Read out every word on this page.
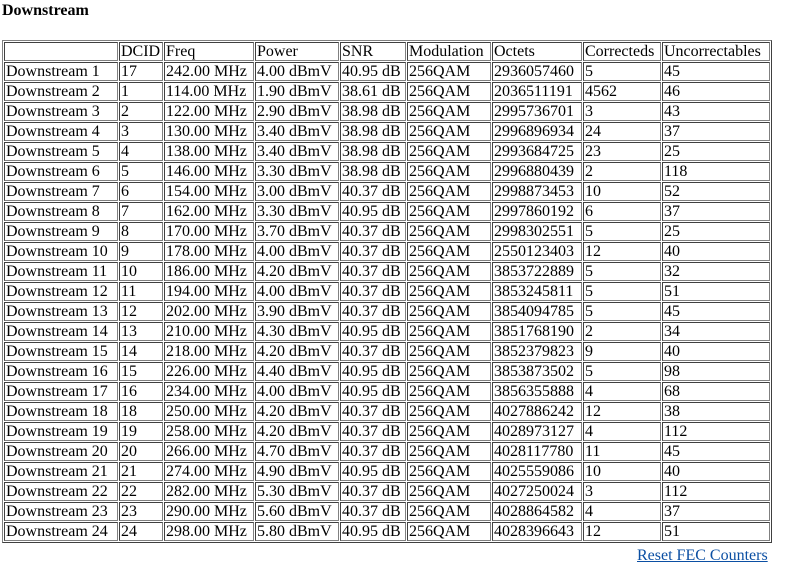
Downstream
	DCID	Freq	Power	SNR	Modulation	Octets	Correcteds	Uncorrectables
Downstream 1	17	242.00 MHz	4.00 dBmV	40.95 dB	256QAM	2936057460	5	45
Downstream 2	1	114.00 MHz	1.90 dBmV	38.61 dB	256QAM	2036511191	4562	46
Downstream 3	2	122.00 MHz	2.90 dBmV	38.98 dB	256QAM	2995736701	3	43
Downstream 4	3	130.00 MHz	3.40 dBmV	38.98 dB	256QAM	2996896934	24	37
Downstream 5	4	138.00 MHz	3.40 dBmV	38.98 dB	256QAM	2993684725	23	25
Downstream 6	5	146.00 MHz	3.30 dBmV	38.98 dB	256QAM	2996880439	2	118
Downstream 7	6	154.00 MHz	3.00 dBmV	40.37 dB	256QAM	2998873453	10	52
Downstream 8	7	162.00 MHz	3.30 dBmV	40.95 dB	256QAM	2997860192	6	37
Downstream 9	8	170.00 MHz	3.70 dBmV	40.37 dB	256QAM	2998302551	5	25
Downstream 10	9	178.00 MHz	4.00 dBmV	40.37 dB	256QAM	2550123403	12	40
Downstream 11	10	186.00 MHz	4.20 dBmV	40.37 dB	256QAM	3853722889	5	32
Downstream 12	11	194.00 MHz	4.00 dBmV	40.37 dB	256QAM	3853245811	5	51
Downstream 13	12	202.00 MHz	3.90 dBmV	40.37 dB	256QAM	3854094785	5	45
Downstream 14	13	210.00 MHz	4.30 dBmV	40.95 dB	256QAM	3851768190	2	34
Downstream 15	14	218.00 MHz	4.20 dBmV	40.37 dB	256QAM	3852379823	9	40
Downstream 16	15	226.00 MHz	4.40 dBmV	40.95 dB	256QAM	3853873502	5	98
Downstream 17	16	234.00 MHz	4.00 dBmV	40.95 dB	256QAM	3856355888	4	68
Downstream 18	18	250.00 MHz	4.20 dBmV	40.37 dB	256QAM	4027886242	12	38
Downstream 19	19	258.00 MHz	4.20 dBmV	40.37 dB	256QAM	4028973127	4	112
Downstream 20	20	266.00 MHz	4.70 dBmV	40.37 dB	256QAM	4028117780	11	45
Downstream 21	21	274.00 MHz	4.90 dBmV	40.95 dB	256QAM	4025559086	10	40
Downstream 22	22	282.00 MHz	5.30 dBmV	40.37 dB	256QAM	4027250024	3	112
Downstream 23	23	290.00 MHz	5.60 dBmV	40.37 dB	256QAM	4028864582	4	37
Downstream 24	24	298.00 MHz	5.80 dBmV	40.95 dB	256QAM	4028396643	12	51
Reset FEC Counters
